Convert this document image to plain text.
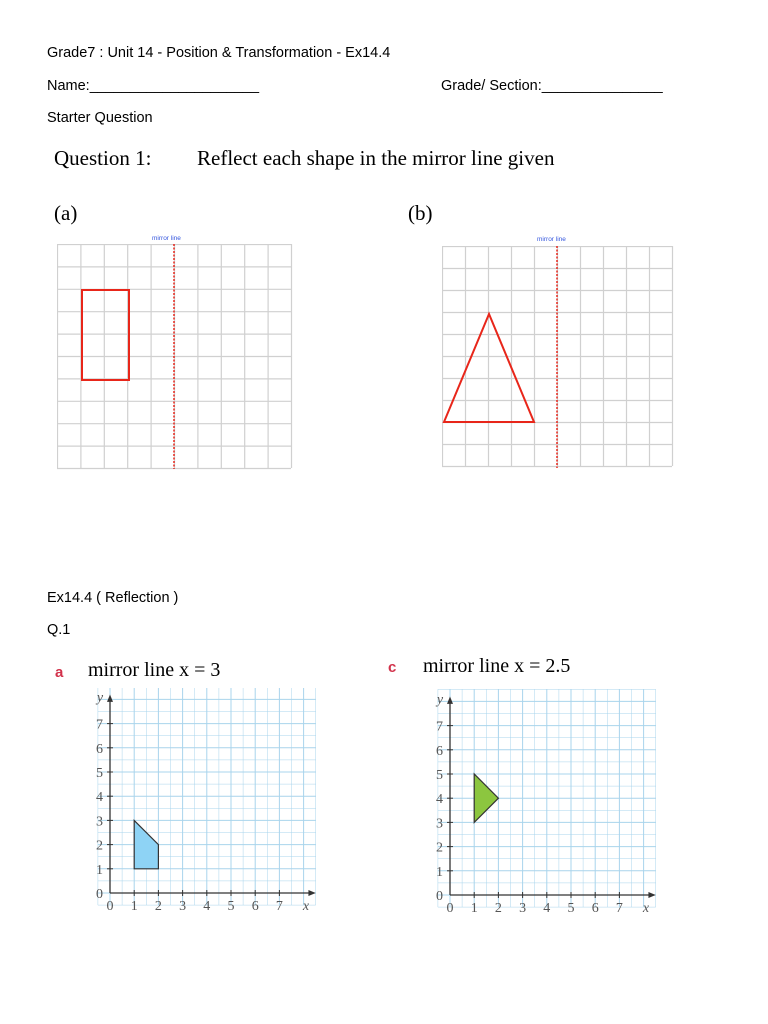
Grade7 : Unit 14 - Position & Transformation - Ex14.4
Name:_____________________	Grade/ Section:_______________
Starter Question
Question 1: Reflect each shape in the mirror line given
(a)	(b)
mirror line	mirror line
Ex14.4 ( Reflection )
Q.1
a mirror line x = 3	c mirror line x = 2.5
0
0
1
1
2
2
3
3
4
4
5
5
6
6
7
7
x
y
0
0
1
1
2
2
3
3
4
4
5
5
6
6
7
7
x
y
